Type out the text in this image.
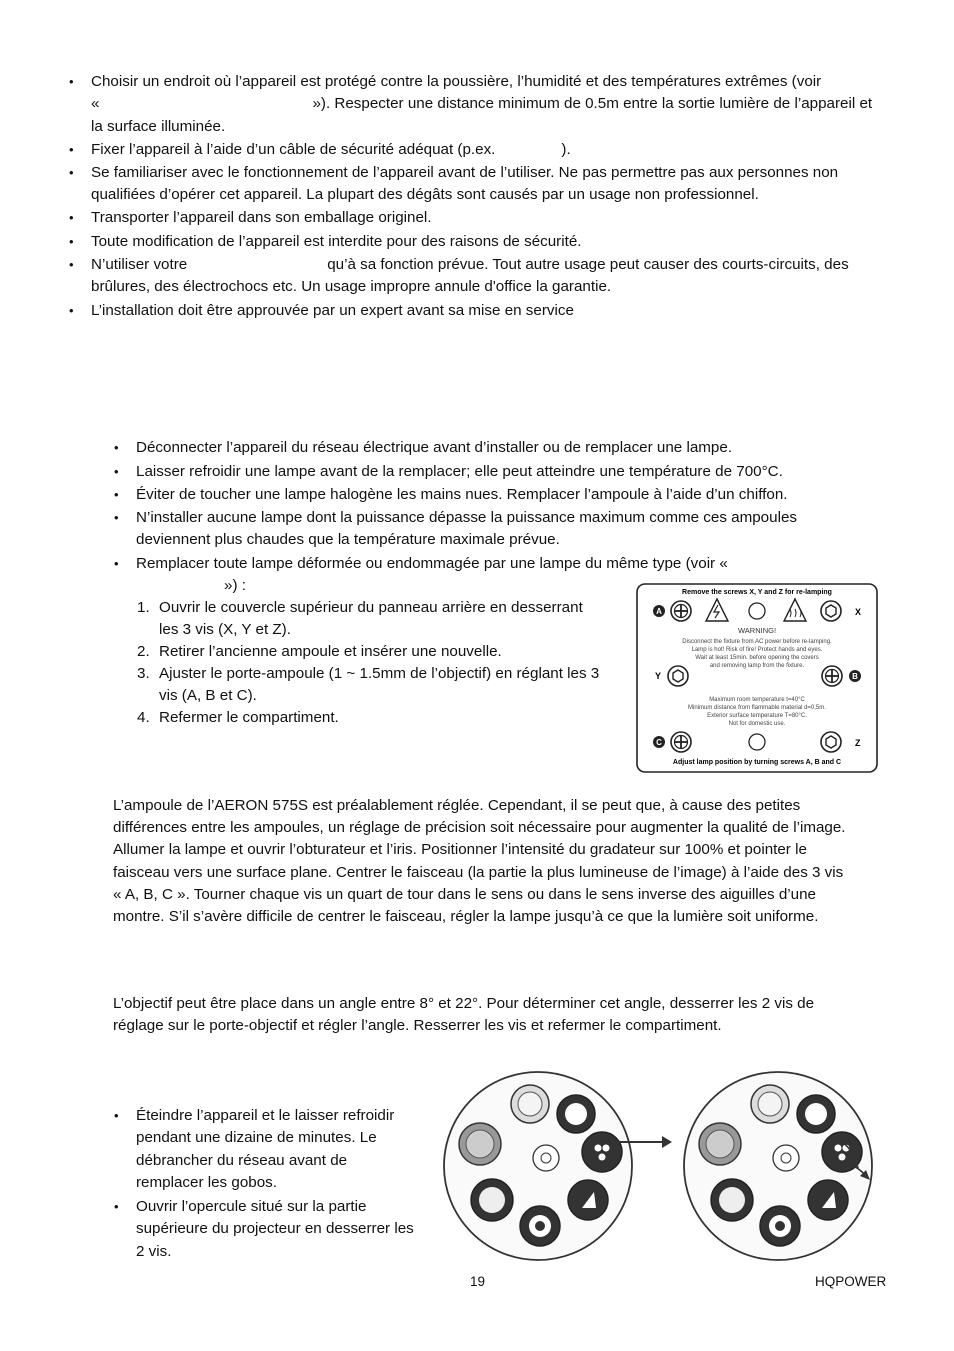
• Choisir un endroit où l’appareil est protégé contre la poussière, l’humidité et des températures extrêmes (voir
«	»). Respecter une distance minimum de 0.5m entre la sortie lumière de l’appareil et
la surface illuminée.
• Fixer l’appareil à l’aide d’un câble de sécurité adéquat (p.ex.	).
• Se familiariser avec le fonctionnement de l’appareil avant de l’utiliser. Ne pas permettre pas aux personnes non
qualifiées d’opérer cet appareil. La plupart des dégâts sont causés par un usage non professionnel.
• Transporter l’appareil dans son emballage originel.
• Toute modification de l’appareil est interdite pour des raisons de sécurité.
• N’utiliser votre	qu’à sa fonction prévue. Tout autre usage peut causer des courts-circuits, des
brûlures, des électrochocs etc. Un usage impropre annule d'office la garantie.
• L’installation doit être approuvée par un expert avant sa mise en service
• Déconnecter l’appareil du réseau électrique avant d’installer ou de remplacer une lampe.
• Laisser refroidir une lampe avant de la remplacer; elle peut atteindre une température de 700°C.
• Éviter de toucher une lampe halogène les mains nues. Remplacer l’ampoule à l’aide d’un chiffon.
• N’installer aucune lampe dont la puissance dépasse la puissance maximum comme ces ampoules
deviennent plus chaudes que la température maximale prévue.
• Remplacer toute lampe déformée ou endommagée par une lampe du même type (voir «
») :
1. Ouvrir le couvercle supérieur du panneau arrière en desserrant
les 3 vis (X, Y et Z).
2. Retirer l’ancienne ampoule et insérer une nouvelle.
3. Ajuster le porte-ampoule (1 ~ 1.5mm de l’objectif) en réglant les 3
vis (A, B et C).
4. Refermer le compartiment.
Remove the screws X, Y and Z for re-lamping
A	X
WARNING!
Disconnect the fixture from AC power before re-lamping.
Lamp is hot! Risk of fire! Protect hands and eyes.
Wait at least 15min. before opening the covers
and removing lamp from the fixture.
Y	B
Maximum room temperature t=40°C
Minimum distance from flammable material d=0,5m.
Exterior surface temperature T=80°C.
Not for domestic use.
C	Z
Adjust lamp position by turning screws A, B and C
L’ampoule de l’AERON 575S est préalablement réglée. Cependant, il se peut que, à cause des petites
différences entre les ampoules, un réglage de précision soit nécessaire pour augmenter la qualité de l’image.
Allumer la lampe et ouvrir l’obturateur et l’iris. Positionner l’intensité du gradateur sur 100% et pointer le
faisceau vers une surface plane. Centrer le faisceau (la partie la plus lumineuse de l’image) à l’aide des 3 vis
« A, B, C ». Tourner chaque vis un quart de tour dans le sens ou dans le sens inverse des aiguilles d’une
montre. S’il s’avère difficile de centrer le faisceau, régler la lampe jusqu’à ce que la lumière soit uniforme.
L’objectif peut être place dans un angle entre 8° et 22°. Pour déterminer cet angle, desserrer les 2 vis de
réglage sur le porte-objectif et régler l’angle. Resserrer les vis et refermer le compartiment.
• Éteindre l’appareil et le laisser refroidir
pendant une dizaine de minutes. Le
débrancher du réseau avant de
remplacer les gobos.
• Ouvrir l’opercule situé sur la partie
supérieure du projecteur en desserrer les
2 vis.
19	HQPOWER
